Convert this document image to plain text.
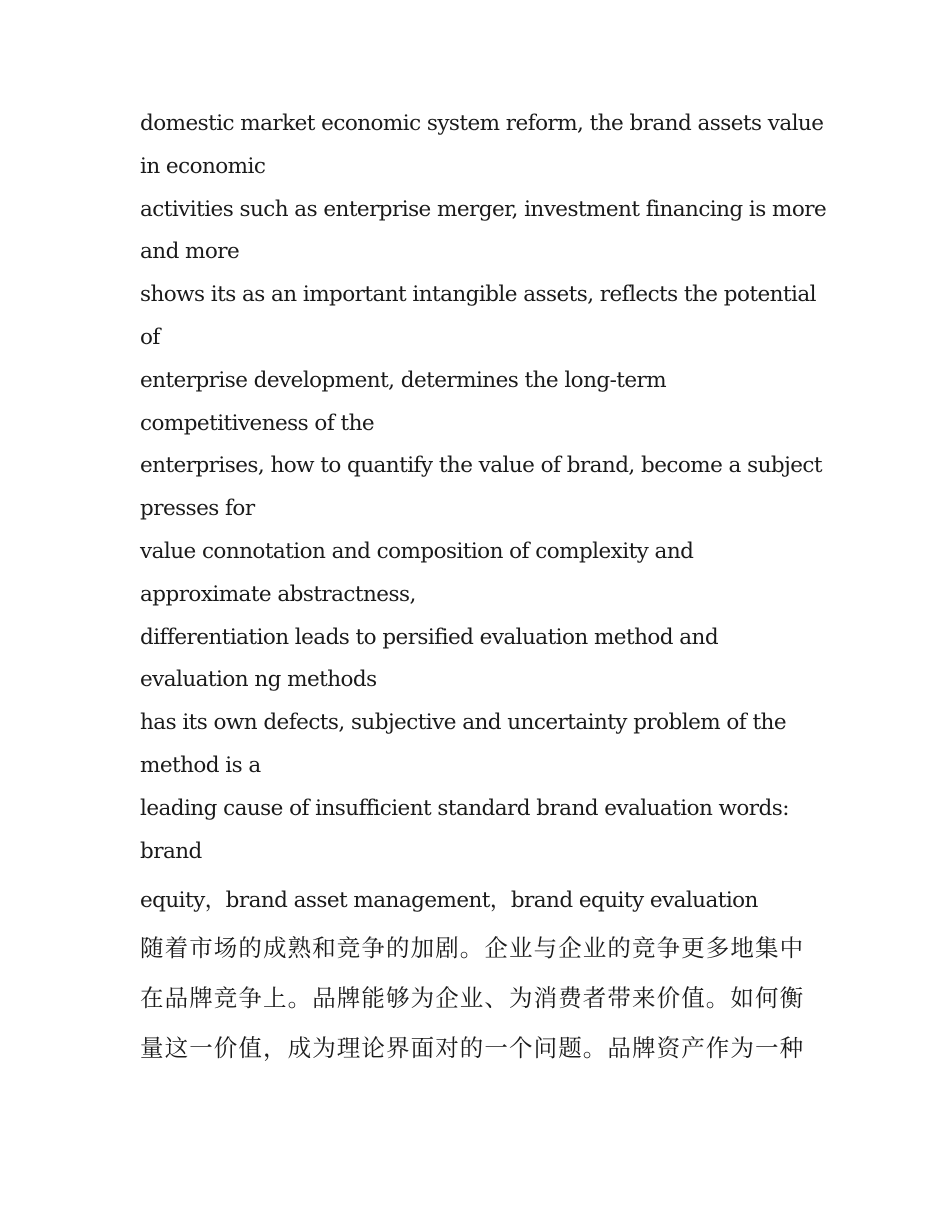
domestic market economic system reform, the brand assets value
in economic
activities such as enterprise merger, investment financing is more
and more
shows its as an important intangible assets, reflects the potential
of
enterprise development, determines the long-term
competitiveness of the
enterprises, how to quantify the value of brand, become a subject
presses for
value connotation and composition of complexity and
approximate abstractness,
differentiation leads to persified evaluation method and
evaluation ng methods
has its own defects, subjective and uncertainty problem of the
method is a
leading cause of insufficient standard brand evaluation words:
brand
equity，brand asset management，brand equity evaluation
随着市场的成熟和竞争的加剧。企业与企业的竞争更多地集中
在品牌竞争上。品牌能够为企业、为消费者带来价值。如何衡
量这一价值，成为理论界面对的一个问题。品牌资产作为一种
